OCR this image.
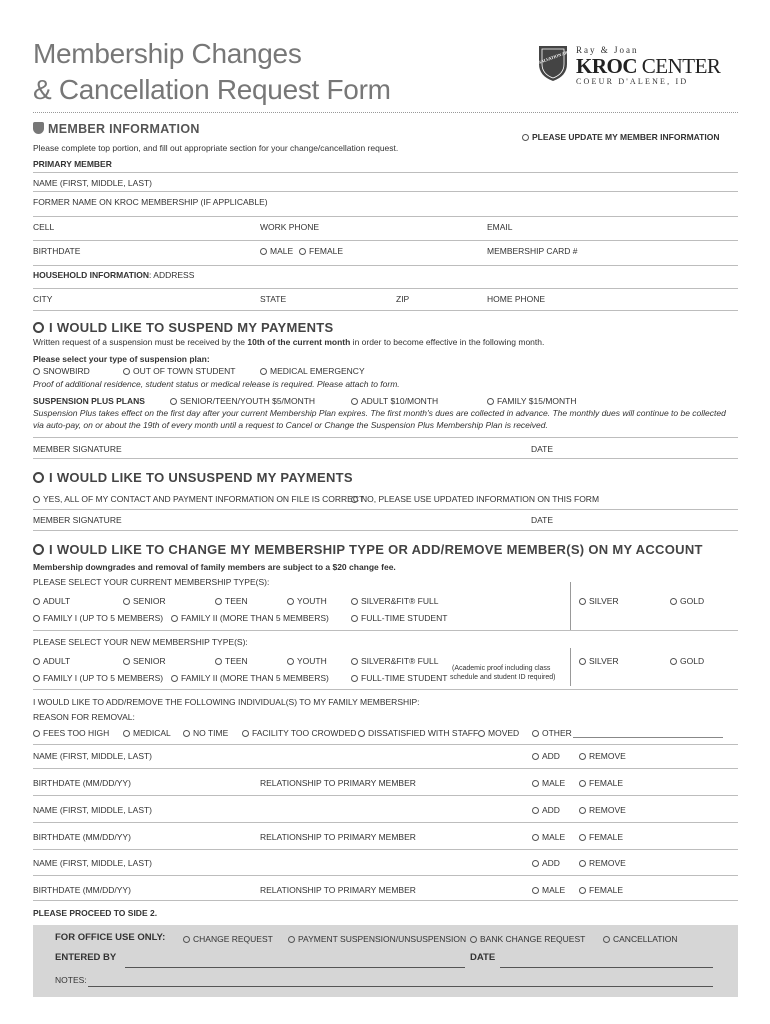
Membership Changes
& Cancellation Request Form
THE SALVATION ARMY Ray & Joan
KROC CENTER
COEUR D'ALENE, ID
MEMBER INFORMATION
PLEASE UPDATE MY MEMBER INFORMATION
Please complete top portion, and fill out appropriate section for your change/cancellation request.
PRIMARY MEMBER
NAME (FIRST, MIDDLE, LAST)
FORMER NAME ON KROC MEMBERSHIP (IF APPLICABLE)
CELL	WORK PHONE	EMAIL
BIRTHDATE	MALE	FEMALE	MEMBERSHIP CARD #
HOUSEHOLD INFORMATION: ADDRESS
CITY	STATE	ZIP	HOME PHONE
I WOULD LIKE TO SUSPEND MY PAYMENTS
Written request of a suspension must be received by the 10th of the current month in order to become effective in the following month.
Please select your type of suspension plan:
SNOWBIRD	OUT OF TOWN STUDENT	MEDICAL EMERGENCY
Proof of additional residence, student status or medical release is required. Please attach to form.
SUSPENSION PLUS PLANS	SENIOR/TEEN/YOUTH $5/MONTH	ADULT $10/MONTH	FAMILY $15/MONTH
Suspension Plus takes effect on the first day after your current Membership Plan expires. The first month's dues are collected in advance. The monthly dues will continue to be collected
via auto-pay, on or about the 19th of every month until a request to Cancel or Change the Suspension Plus Membership Plan is received.
MEMBER SIGNATURE	DATE
I WOULD LIKE TO UNSUSPEND MY PAYMENTS
YES, ALL OF MY CONTACT AND PAYMENT INFORMATION ON FILE IS CORRECT
NO, PLEASE USE UPDATED INFORMATION ON THIS FORM
MEMBER SIGNATURE	DATE
I WOULD LIKE TO CHANGE MY MEMBERSHIP TYPE OR ADD/REMOVE MEMBER(S) ON MY ACCOUNT
Membership downgrades and removal of family members are subject to a $20 change fee.
PLEASE SELECT YOUR CURRENT MEMBERSHIP TYPE(S):
ADULT	SENIOR	TEEN	YOUTH	SILVER&FIT® FULL	SILVER	GOLD
FAMILY I (UP TO 5 MEMBERS)	FAMILY II (MORE THAN 5 MEMBERS)	FULL-TIME STUDENT
PLEASE SELECT YOUR NEW MEMBERSHIP TYPE(S):
ADULT	SENIOR	TEEN	YOUTH	SILVER&FIT® FULL	SILVER	GOLD
(Academic proof including class
schedule and student ID required)
FAMILY I (UP TO 5 MEMBERS)	FAMILY II (MORE THAN 5 MEMBERS)	FULL-TIME STUDENT
I WOULD LIKE TO ADD/REMOVE THE FOLLOWING INDIVIDUAL(S) TO MY FAMILY MEMBERSHIP:
REASON FOR REMOVAL:
FEES TOO HIGH	MEDICAL	NO TIME	FACILITY TOO CROWDED	DISSATISFIED WITH STAFF	MOVED	OTHER
NAME (FIRST, MIDDLE, LAST)	ADD	REMOVE
BIRTHDATE (MM/DD/YY)	RELATIONSHIP TO PRIMARY MEMBER	MALE	FEMALE
NAME (FIRST, MIDDLE, LAST)	ADD	REMOVE
BIRTHDATE (MM/DD/YY)	RELATIONSHIP TO PRIMARY MEMBER	MALE	FEMALE
NAME (FIRST, MIDDLE, LAST)	ADD	REMOVE
BIRTHDATE (MM/DD/YY)	RELATIONSHIP TO PRIMARY MEMBER	MALE	FEMALE
PLEASE PROCEED TO SIDE 2.
FOR OFFICE USE ONLY:	CHANGE REQUEST	PAYMENT SUSPENSION/UNSUSPENSION	BANK CHANGE REQUEST	CANCELLATION
ENTERED BY	DATE
NOTES:
